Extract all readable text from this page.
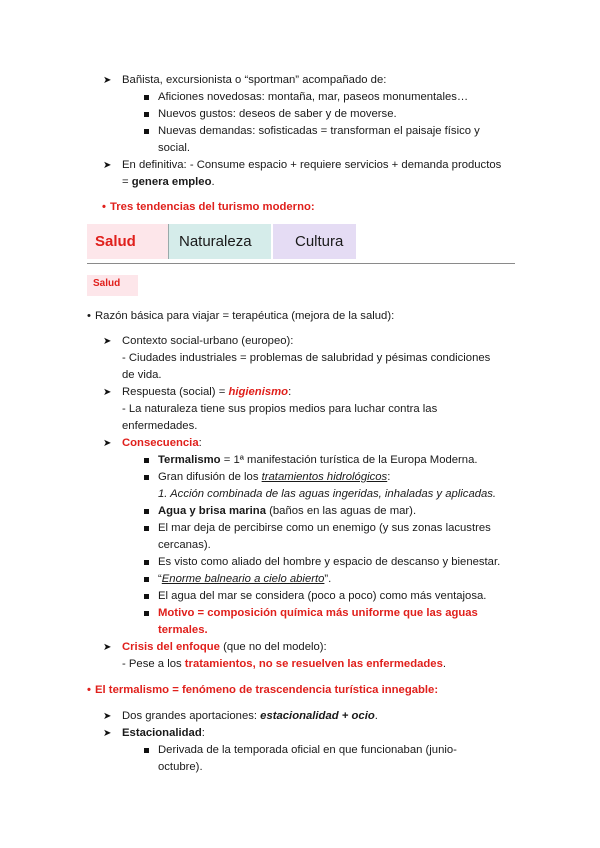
➤ Bañista, excursionista o “sportman” acompañado de:
Aficiones novedosas: montaña, mar, paseos monumentales…
Nuevos gustos: deseos de saber y de moverse.
Nuevas demandas: sofisticadas = transforman el paisaje físico y
social.
➤ En definitiva: - Consume espacio + requiere servicios + demanda productos
= genera empleo.
• Tres tendencias del turismo moderno:
Salud	Naturaleza	Cultura
Salud
• Razón básica para viajar = terapéutica (mejora de la salud):
➤ Contexto social-urbano (europeo):
- Ciudades industriales = problemas de salubridad y pésimas condiciones
de vida.
➤ Respuesta (social) = higienismo:
- La naturaleza tiene sus propios medios para luchar contra las
enfermedades.
➤ Consecuencia:
Termalismo = 1ª manifestación turística de la Europa Moderna.
Gran difusión de los tratamientos hidrológicos:
1. Acción combinada de las aguas ingeridas, inhaladas y aplicadas.
Agua y brisa marina (baños en las aguas de mar).
El mar deja de percibirse como un enemigo (y sus zonas lacustres
cercanas).
Es visto como aliado del hombre y espacio de descanso y bienestar.
“Enorme balneario a cielo abierto”.
El agua del mar se considera (poco a poco) como más ventajosa.
Motivo = composición química más uniforme que las aguas
termales.
➤ Crisis del enfoque (que no del modelo):
- Pese a los tratamientos, no se resuelven las enfermedades.
• El termalismo = fenómeno de trascendencia turística innegable:
➤ Dos grandes aportaciones: estacionalidad + ocio.
➤ Estacionalidad:
Derivada de la temporada oficial en que funcionaban (junio-
octubre).
